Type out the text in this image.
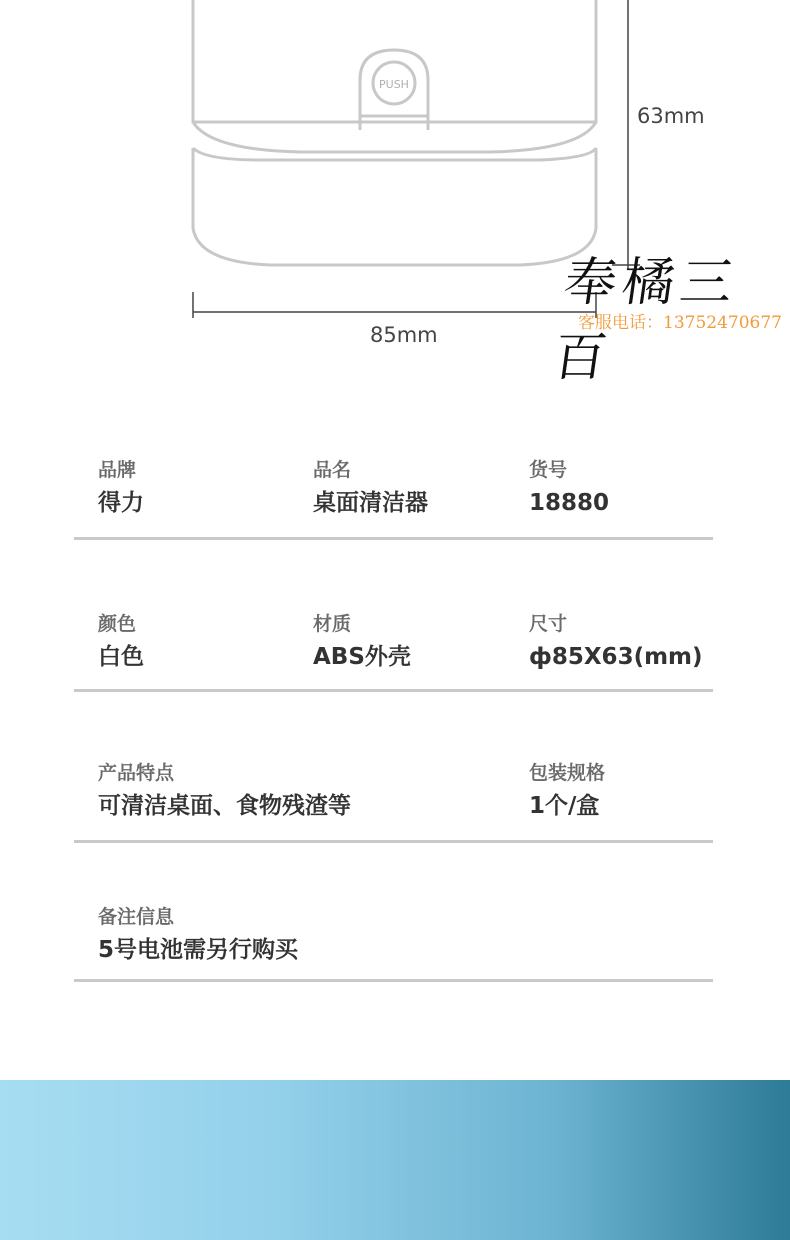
PUSH
63mm
85mm
奉橘三百
客服电话：13752470677
品牌
得力
品名
桌面清洁器
货号
18880
颜色
白色
材质
ABS外壳
尺寸
ф85X63(mm)
产品特点
可清洁桌面、食物残渣等
包装规格
1个/盒
备注信息
5号电池需另行购买
